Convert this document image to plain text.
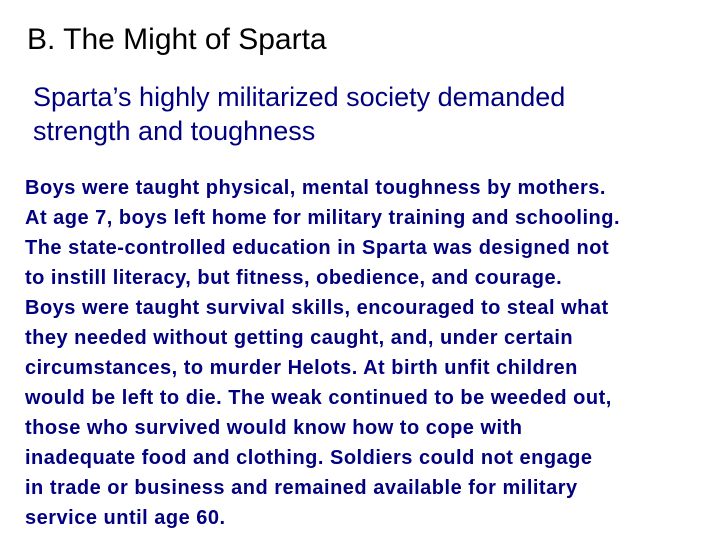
B. The Might of Sparta
Sparta’s highly militarized society demanded
strength and toughness
Boys were taught physical, mental toughness by mothers.
At age 7, boys left home for military training and schooling.
The state-controlled education in Sparta was designed not
to instill literacy, but fitness, obedience, and courage.
Boys were taught survival skills, encouraged to steal what
they needed without getting caught, and, under certain
circumstances, to murder Helots. At birth unfit children
would be left to die. The weak continued to be weeded out,
those who survived would know how to cope with
inadequate food and clothing. Soldiers could not engage
in trade or business and remained available for military
service until age 60.
